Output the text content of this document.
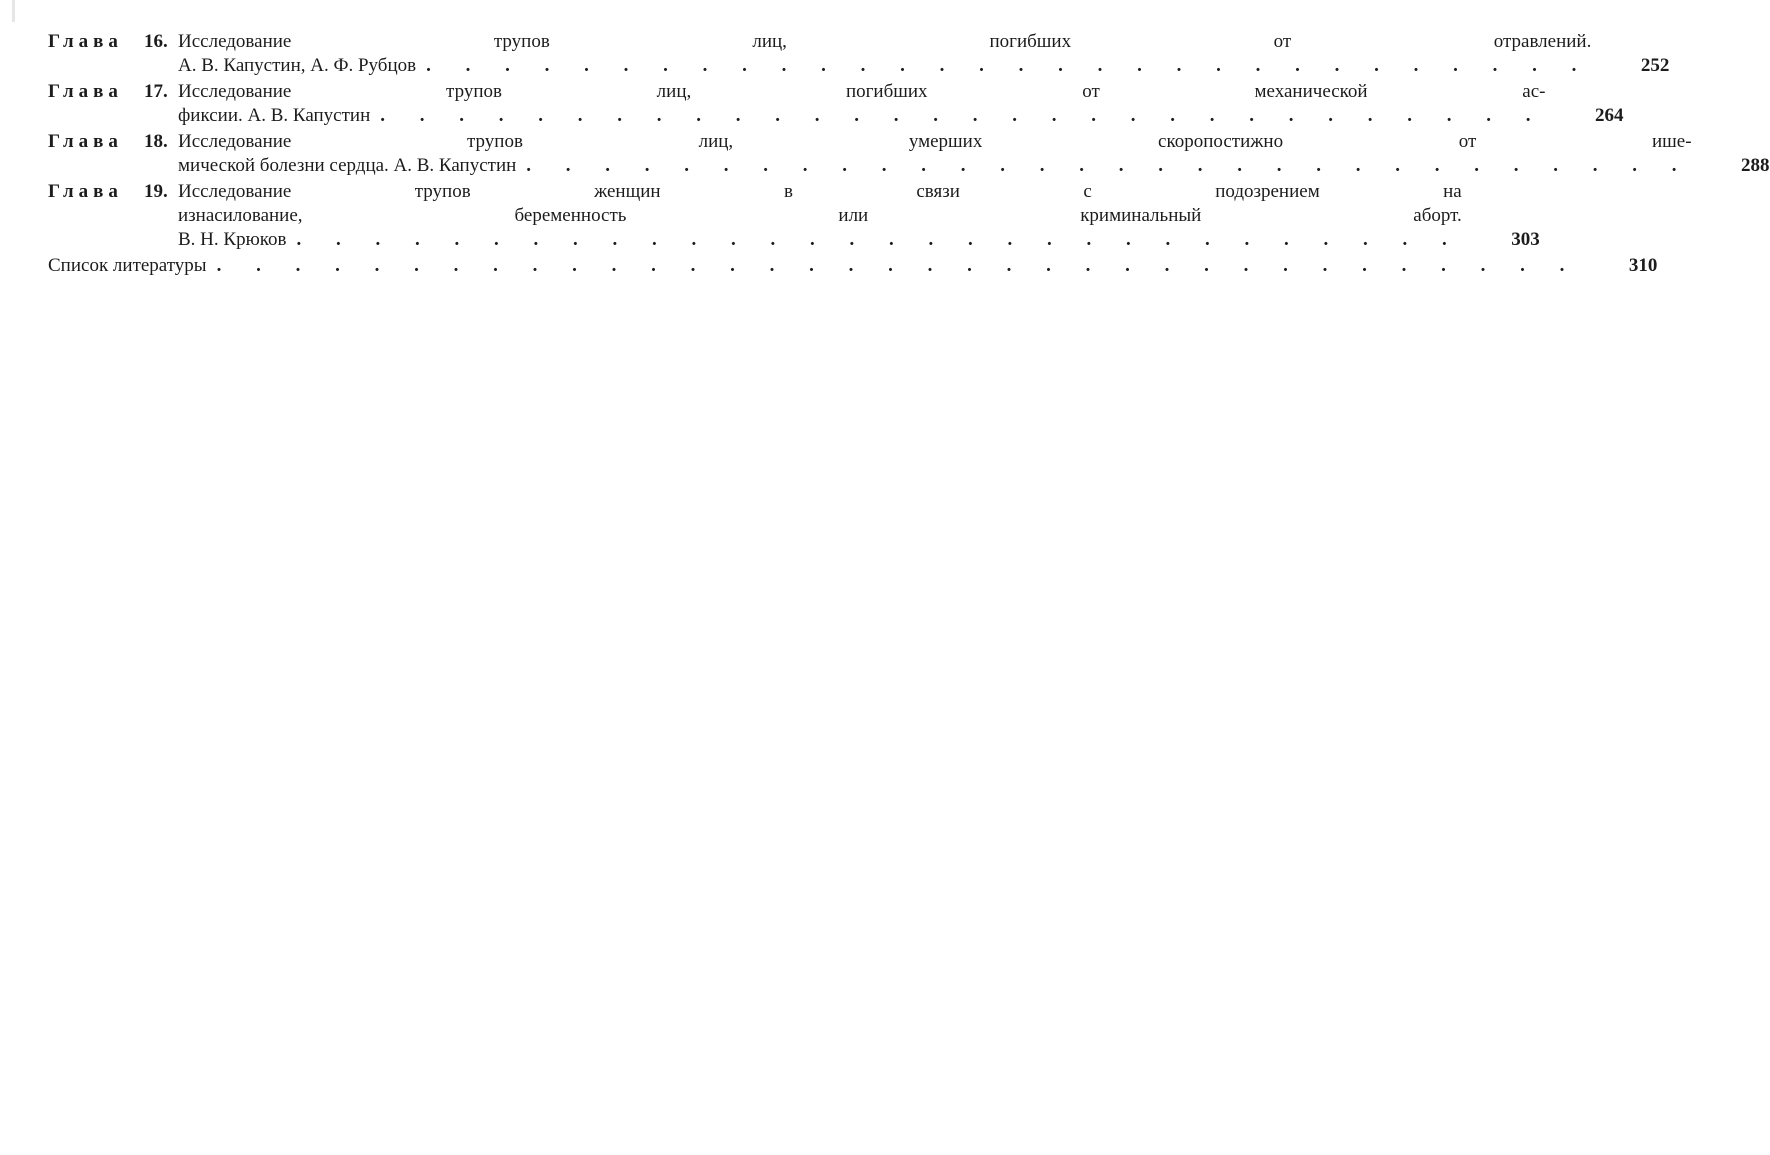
Глава	16. Исследование трупов лиц, погибших от отравлений.
А. В. Капустин, А. Ф. Рубцов . . . . . . . . . . . . . . . . . . . . . . . . . . . . . .	252
Глава	17. Исследование трупов лиц, погибших от механической ас-
фиксии. А. В. Капустин . . . . . . . . . . . . . . . . . . . . . . . . . . . . . .	264
Глава	18. Исследование трупов лиц, умерших скоропостижно от ише-
мической болезни сердца. А. В. Капустин . . . . . . . . . . . . . . . . . . . . . . . . . . . . . .	288
Глава	19. Исследование трупов женщин в связи с подозрением на
изнасилование, беременность или криминальный аборт.
В. Н. Крюков . . . . . . . . . . . . . . . . . . . . . . . . . . . . . .	303
Список литературы . . . . . . . . . . . . . . . . . . . . . . . . . . . . . . . . . . .	310
